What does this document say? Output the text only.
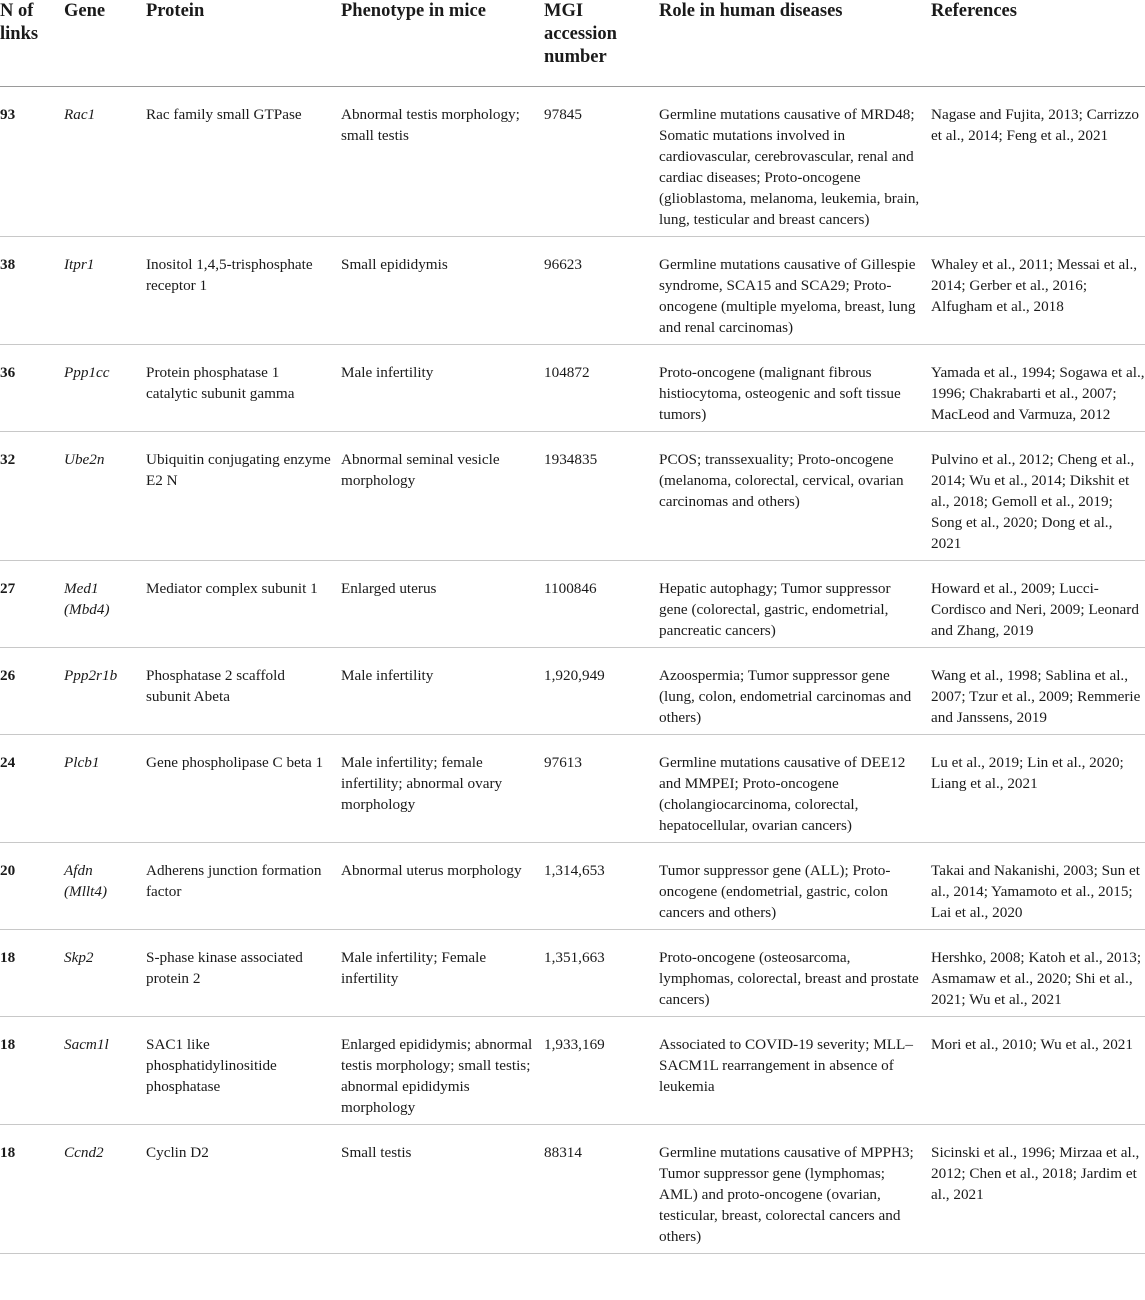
N of links	Gene	Protein	Phenotype in mice	MGI accession number	Role in human diseases	References
93	Rac1	Rac family small GTPase	Abnormal testis morphology; small testis	97845	Germline mutations causative of MRD48; Somatic mutations involved in cardiovascular, cerebrovascular, renal and cardiac diseases; Proto-oncogene (glioblastoma, melanoma, leukemia, brain, lung, testicular and breast cancers)	Nagase and Fujita, 2013; Carrizzo et al., 2014; Feng et al., 2021
38	Itpr1	Inositol 1,4,5-trisphosphate receptor 1	Small epididymis	96623	Germline mutations causative of Gillespie syndrome, SCA15 and SCA29; Proto-oncogene (multiple myeloma, breast, lung and renal carcinomas)	Whaley et al., 2011; Messai et al., 2014; Gerber et al., 2016; Alfugham et al., 2018
36	Ppp1cc	Protein phosphatase 1 catalytic subunit gamma	Male infertility	104872	Proto-oncogene (malignant fibrous histiocytoma, osteogenic and soft tissue tumors)	Yamada et al., 1994; Sogawa et al., 1996; Chakrabarti et al., 2007; MacLeod and Varmuza, 2012
32	Ube2n	Ubiquitin conjugating enzyme E2 N	Abnormal seminal vesicle morphology	1934835	PCOS; transsexuality; Proto-oncogene (melanoma, colorectal, cervical, ovarian carcinomas and others)	Pulvino et al., 2012; Cheng et al., 2014; Wu et al., 2014; Dikshit et al., 2018; Gemoll et al., 2019; Song et al., 2020; Dong et al., 2021
27	Med1 (Mbd4)	Mediator complex subunit 1	Enlarged uterus	1100846	Hepatic autophagy; Tumor suppressor gene (colorectal, gastric, endometrial, pancreatic cancers)	Howard et al., 2009; Lucci-Cordisco and Neri, 2009; Leonard and Zhang, 2019
26	Ppp2r1b	Phosphatase 2 scaffold subunit Abeta	Male infertility	1,920,949	Azoospermia; Tumor suppressor gene (lung, colon, endometrial carcinomas and others)	Wang et al., 1998; Sablina et al., 2007; Tzur et al., 2009; Remmerie and Janssens, 2019
24	Plcb1	Gene phospholipase C beta 1	Male infertility; female infertility; abnormal ovary morphology	97613	Germline mutations causative of DEE12 and MMPEI; Proto-oncogene (cholangiocarcinoma, colorectal, hepatocellular, ovarian cancers)	Lu et al., 2019; Lin et al., 2020; Liang et al., 2021
20	Afdn (Mllt4)	Adherens junction formation factor	Abnormal uterus morphology	1,314,653	Tumor suppressor gene (ALL); Proto-oncogene (endometrial, gastric, colon cancers and others)	Takai and Nakanishi, 2003; Sun et al., 2014; Yamamoto et al., 2015; Lai et al., 2020
18	Skp2	S-phase kinase associated protein 2	Male infertility; Female infertility	1,351,663	Proto-oncogene (osteosarcoma, lymphomas, colorectal, breast and prostate cancers)	Hershko, 2008; Katoh et al., 2013; Asmamaw et al., 2020; Shi et al., 2021; Wu et al., 2021
18	Sacm1l	SAC1 like phosphatidylinositide phosphatase	Enlarged epididymis; abnormal testis morphology; small testis; abnormal epididymis morphology	1,933,169	Associated to COVID-19 severity; MLL–SACM1L rearrangement in absence of leukemia	Mori et al., 2010; Wu et al., 2021
18	Ccnd2	Cyclin D2	Small testis	88314	Germline mutations causative of MPPH3; Tumor suppressor gene (lymphomas; AML) and proto-oncogene (ovarian, testicular, breast, colorectal cancers and others)	Sicinski et al., 1996; Mirzaa et al., 2012; Chen et al., 2018; Jardim et al., 2021
